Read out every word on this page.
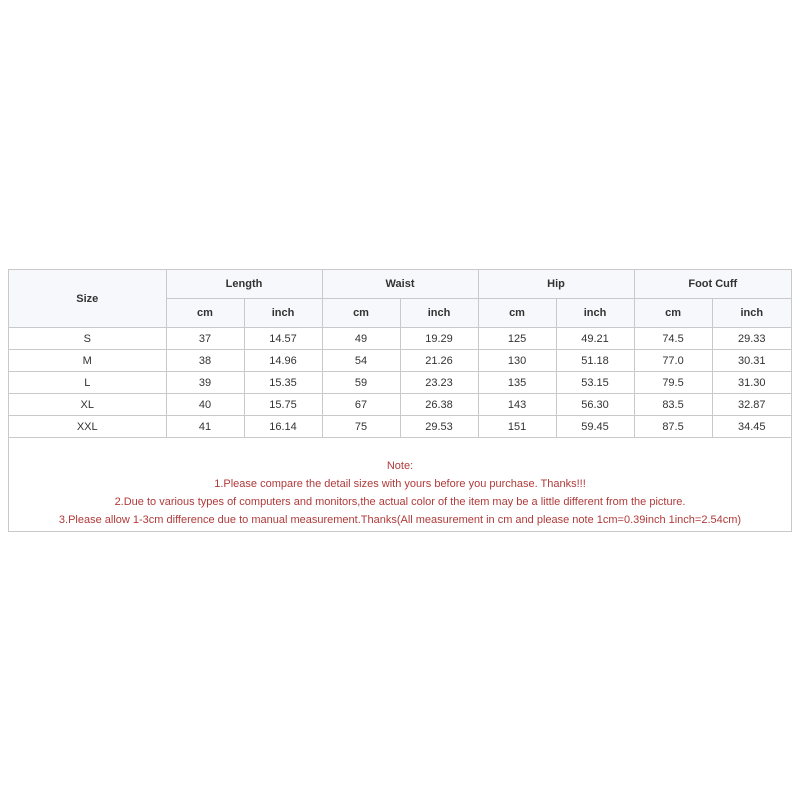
Size	Length		Waist		Hip		Foot Cuff	
	cm	inch	cm	inch	cm	inch	cm	inch
S	37	14.57	49	19.29	125	49.21	74.5	29.33
M	38	14.96	54	21.26	130	51.18	77.0	30.31
L	39	15.35	59	23.23	135	53.15	79.5	31.30
XL	40	15.75	67	26.38	143	56.30	83.5	32.87
XXL	41	16.14	75	29.53	151	59.45	87.5	34.45
Note:
1.Please compare the detail sizes with yours before you purchase. Thanks!!!
2.Due to various types of computers and monitors,the actual color of the item may be a little different from the picture.
3.Please allow 1-3cm difference due to manual measurement.Thanks(All measurement in cm and please note 1cm=0.39inch 1inch=2.54cm)
